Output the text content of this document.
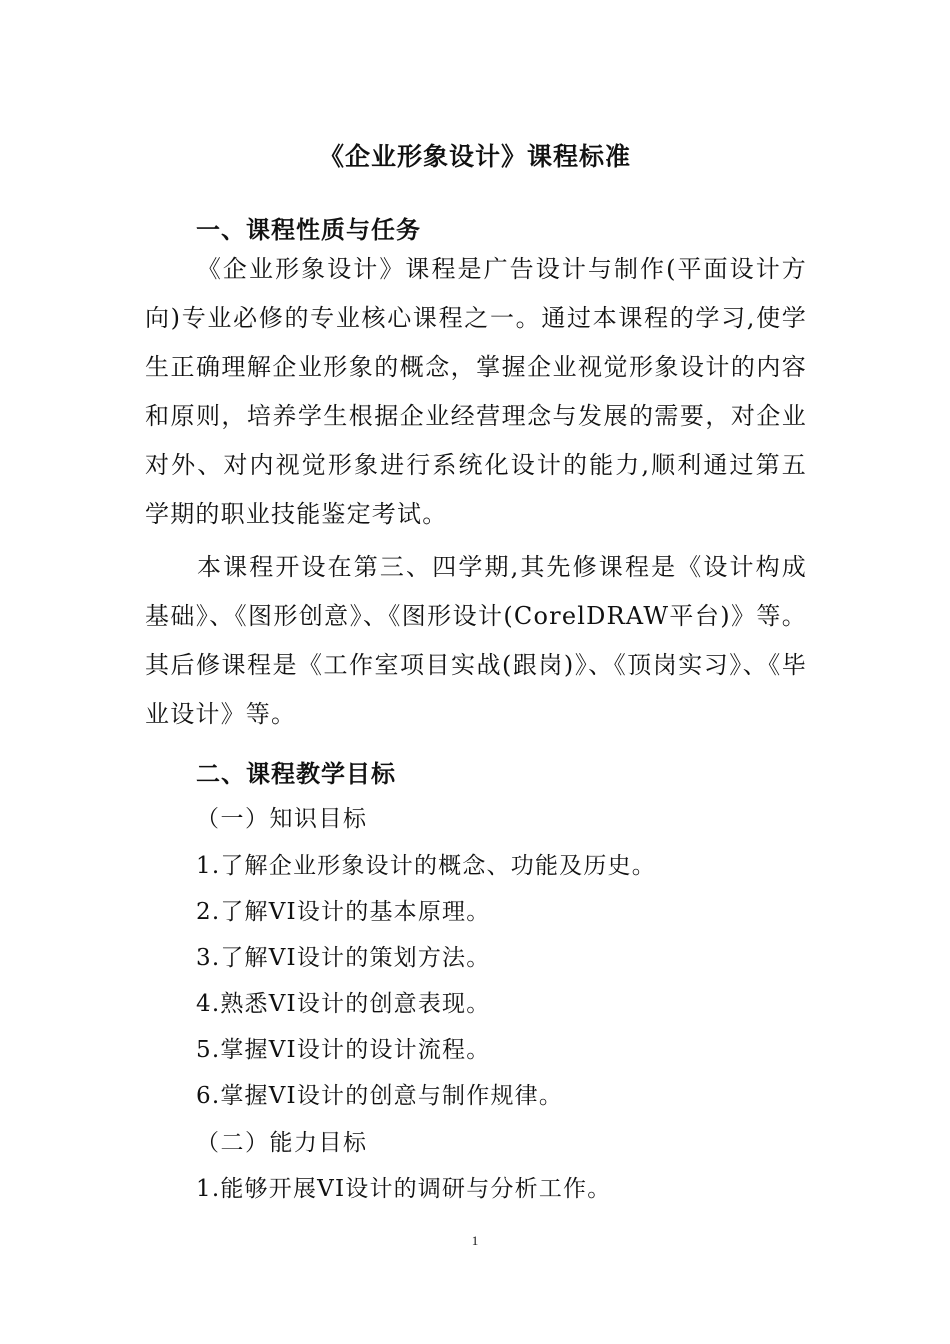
《企业形象设计》课程标准
一、课程性质与任务
《企业形象设计》课程是广告设计与制作(平面设计方向)专业必修的专业核心课程之一。通过本课程的学习,使学生正确理解企业形象的概念，掌握企业视觉形象设计的内容和原则，培养学生根据企业经营理念与发展的需要，对企业对外、对内视觉形象进行系统化设计的能力,顺利通过第五学期的职业技能鉴定考试。
本课程开设在第三、四学期,其先修课程是《设计构成基础》、《图形创意》、《图形设计(CorelDRAW平台)》等。其后修课程是《工作室项目实战(跟岗)》、《顶岗实习》、《毕业设计》等。
二、课程教学目标
（一）知识目标
1.了解企业形象设计的概念、功能及历史。
2.了解VI设计的基本原理。
3.了解VI设计的策划方法。
4.熟悉VI设计的创意表现。
5.掌握VI设计的设计流程。
6.掌握VI设计的创意与制作规律。
（二）能力目标
1.能够开展VI设计的调研与分析工作。
1
